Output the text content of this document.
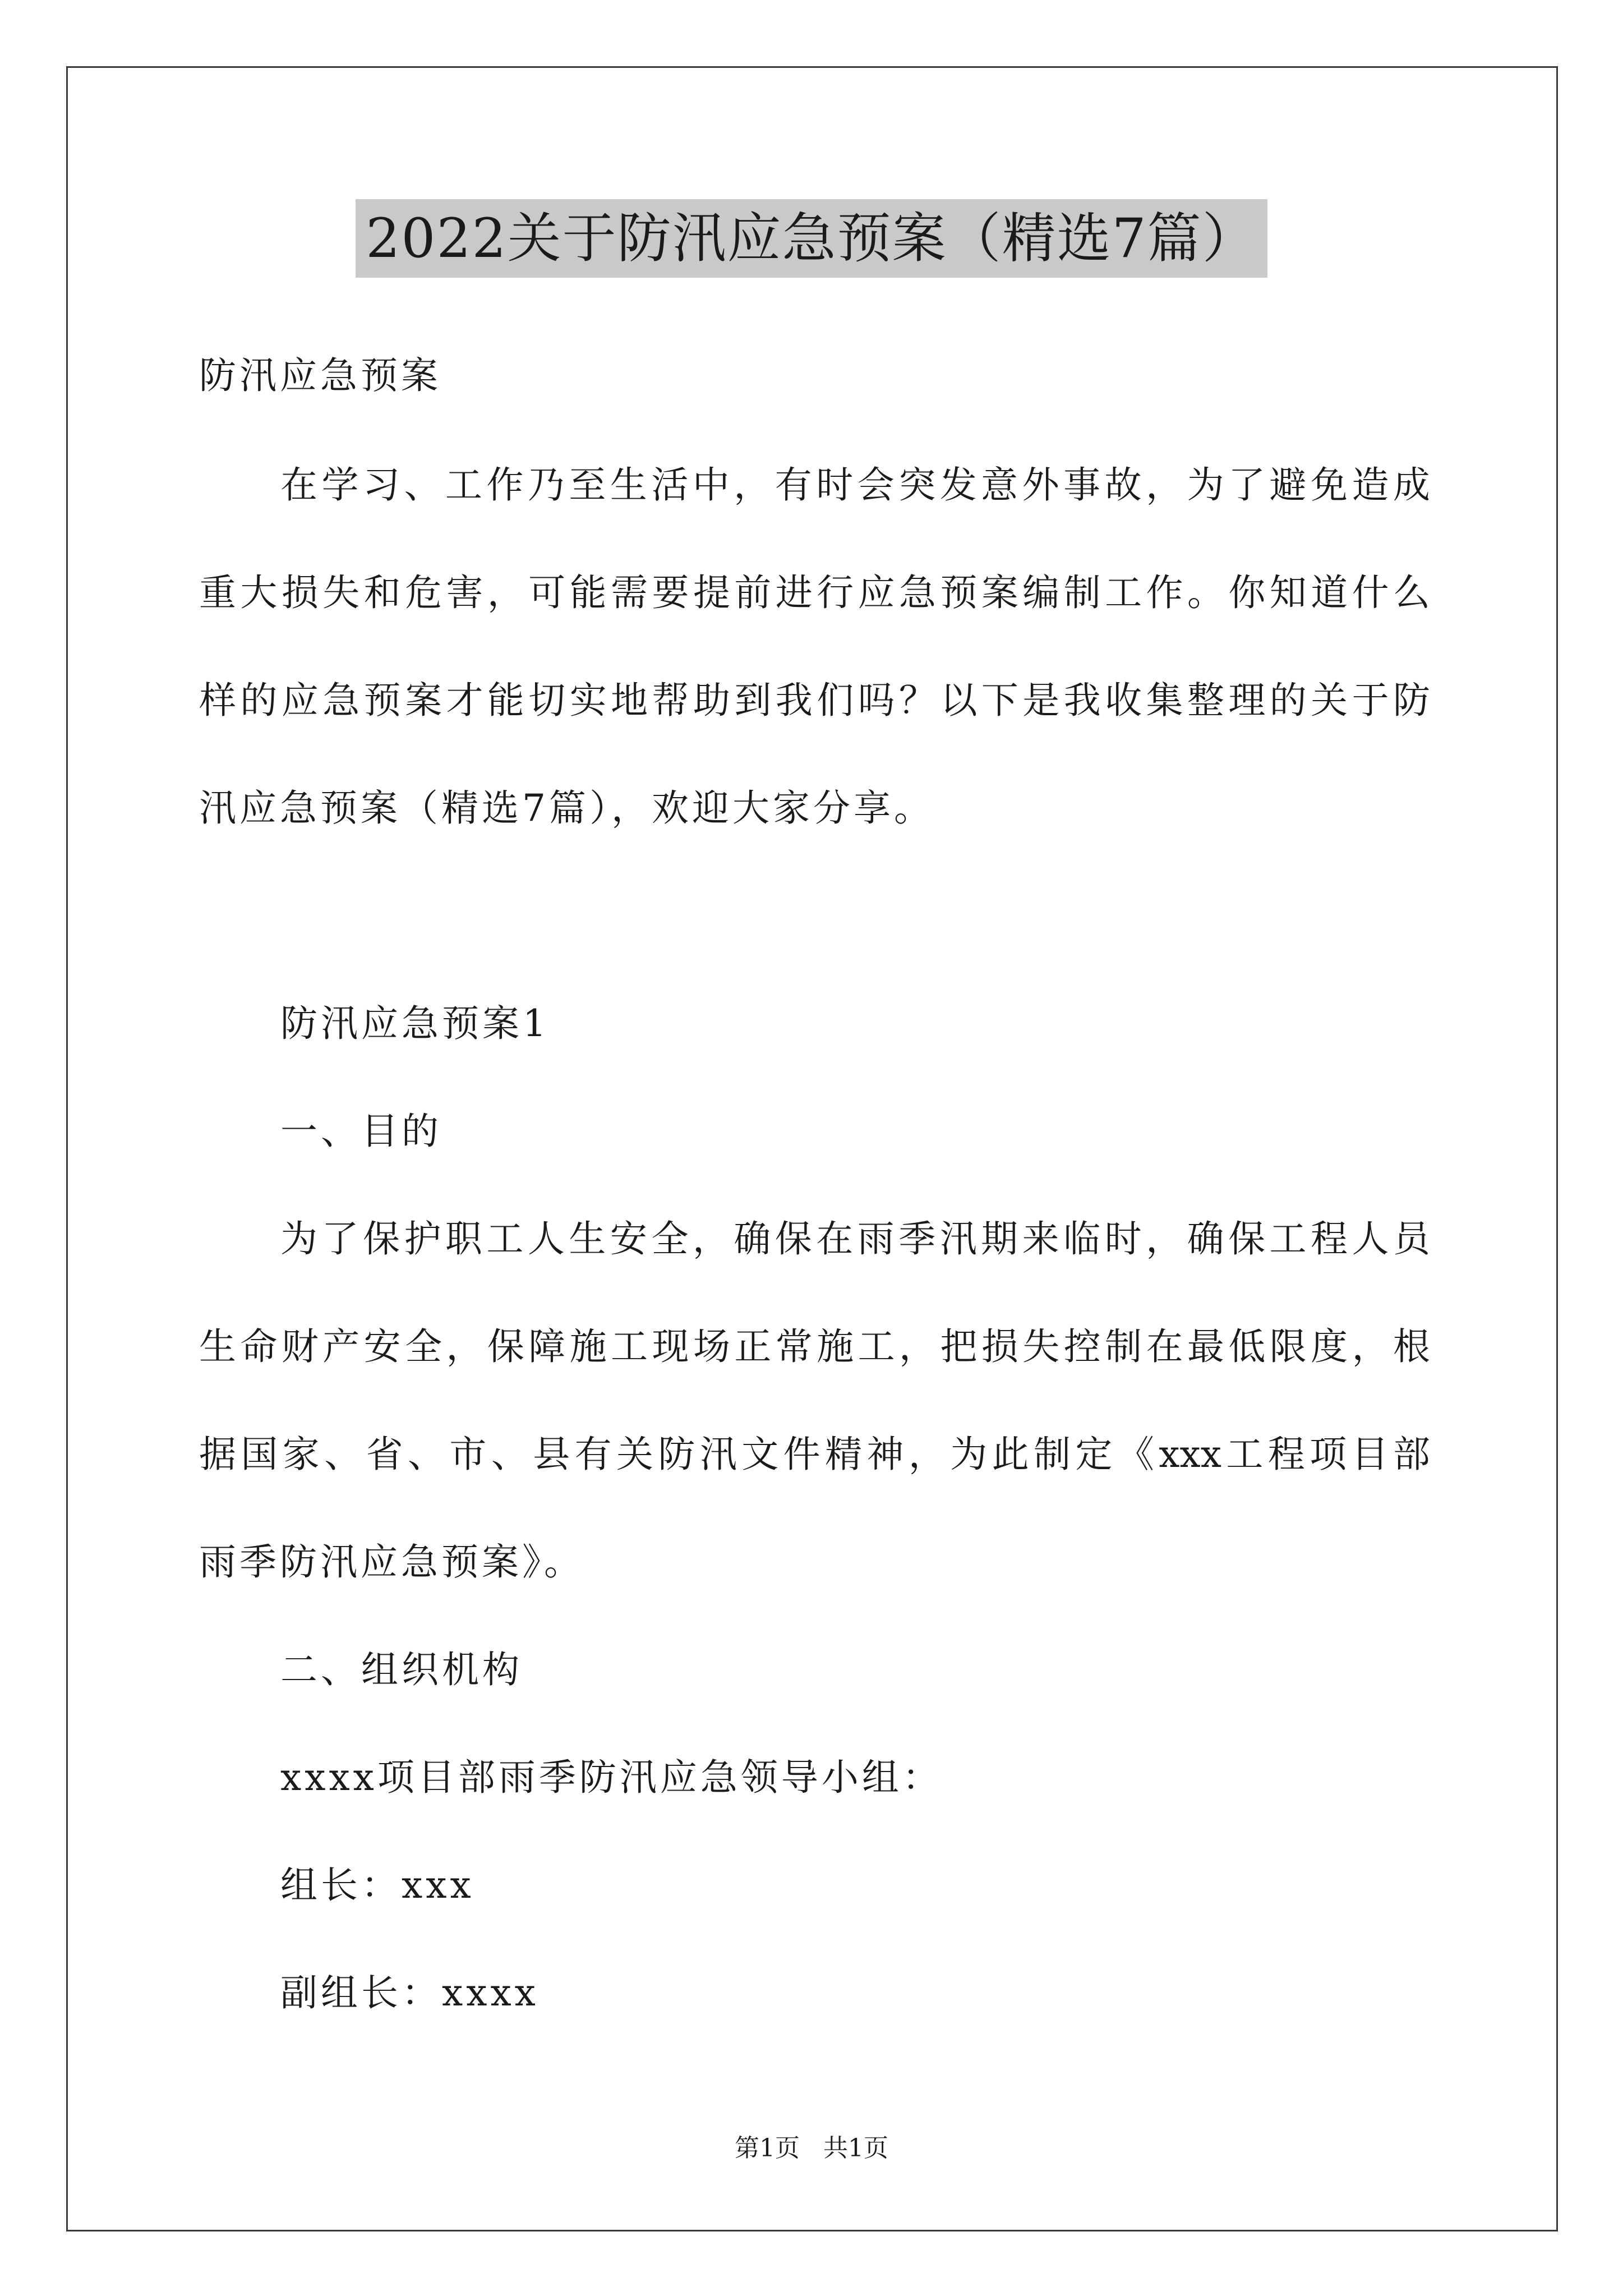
2022关于防汛应急预案（精选7篇）
防汛应急预案
在学习、工作乃至生活中，有时会突发意外事故，为了避免造成
重大损失和危害，可能需要提前进行应急预案编制工作。你知道什么
样的应急预案才能切实地帮助到我们吗？以下是我收集整理的关于防
汛应急预案（精选7篇），欢迎大家分享。
防汛应急预案1
一、目的
为了保护职工人生安全，确保在雨季汛期来临时，确保工程人员
生命财产安全，保障施工现场正常施工，把损失控制在最低限度，根
据国家、省、市、县有关防汛文件精神，为此制定《xxx工程项目部
雨季防汛应急预案》。
二、组织机构
xxxx项目部雨季防汛应急领导小组：
组长：xxx
副组长：xxxx
第1页   共1页
